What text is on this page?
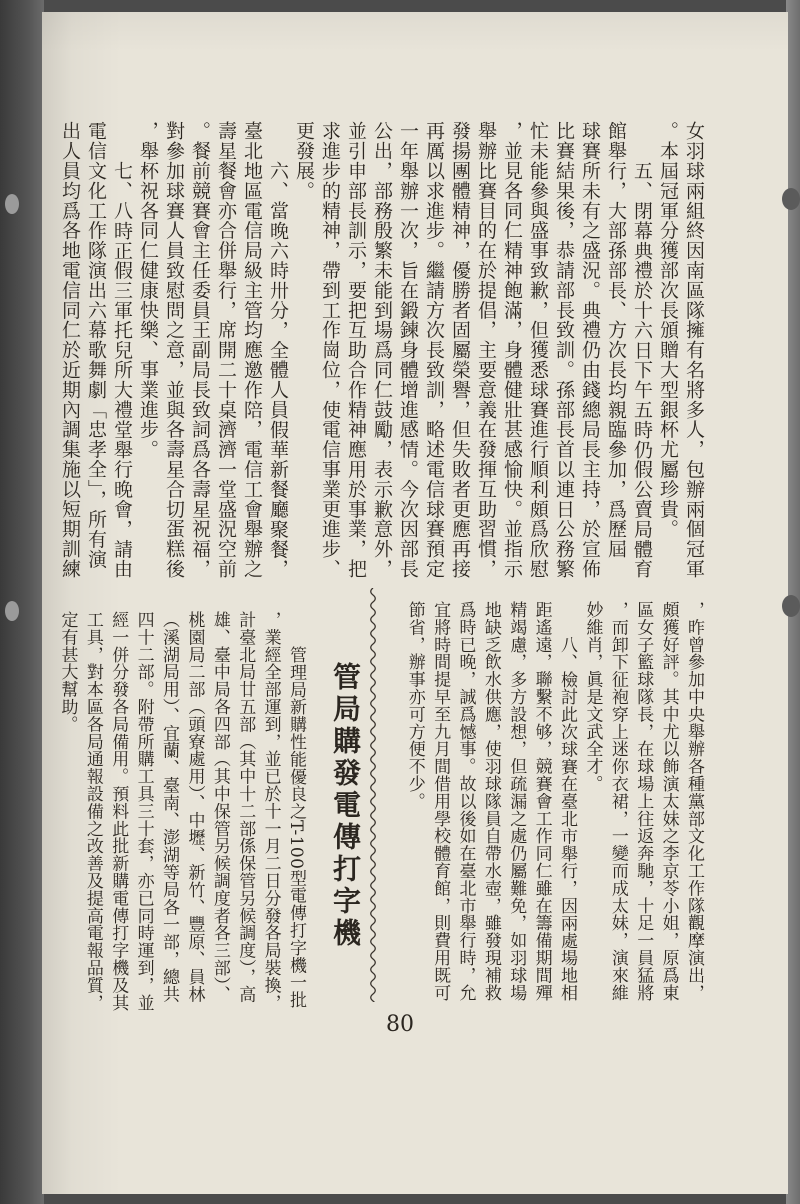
女羽球兩組終因南區隊擁有名將多人，包辦兩個冠軍
。本屆冠軍分獲部次長頒贈大型銀杯尤屬珍貴。
五、閉幕典禮於十六日下午五時仍假公賣局體育
館舉行，大部孫部長、方次長均親臨參加，爲歷屆
球賽所未有之盛況。典禮仍由錢總局長主持，於宣佈
比賽結果後，恭請部長致訓。孫部長首以連日公務繁
忙未能參與盛事致歉，但獲悉球賽進行順利頗爲欣慰
，並見各同仁精神飽滿，身體健壯甚感愉快。並指示
舉辦比賽目的在於提倡，主要意義在發揮互助習慣，
發揚團體精神，優勝者固屬榮譽，但失敗者更應再接
再厲以求進步。繼請方次長致訓，略述電信球賽預定
一年舉辦一次，旨在鍛鍊身體增進感情。今次因部長
公出，部務殷繁未能到場爲同仁鼓勵，表示歉意外，
並引申部長訓示，要把互助合作精神應用於事業，把
求進步的精神，帶到工作崗位，使電信事業更進步、
更發展。
六、當晚六時卅分，全體人員假華新餐廳聚餐，
臺北地區電信局級主管均應邀作陪，電信工會舉辦之
壽星餐會亦合併舉行，席開二十桌濟濟一堂盛況空前
。餐前競賽會主任委員王副局長致詞爲各壽星祝福，
對參加球賽人員致慰問之意，並與各壽星合切蛋糕後
，舉杯祝各同仁健康快樂、事業進步。
七、八時正假三軍托兒所大禮堂舉行晚會，請由
電信文化工作隊演出六幕歌舞劇「忠孝全」，所有演
出人員均爲各地電信同仁於近期內調集施以短期訓練
，昨曾參加中央舉辦各種黨部文化工作隊觀摩演出，
頗獲好評。其中尤以飾演太妹之李京苓小姐，原爲東
區女子籃球隊長，在球場上往返奔馳，十足一員猛將
，而卸下征袍穿上迷你衣裙，一變而成太妹，演來維
妙維肖，眞是文武全才。
八、檢討此次球賽在臺北市舉行，因兩處場地相
距遙遠，聯繫不够，競賽會工作同仁雖在籌備期間殫
精竭慮，多方設想，但疏漏之處仍屬難免，如羽球場
地缺乏飲水供應，使羽球隊員自帶水壺，雖發現補救
爲時已晚，誠爲憾事。故以後如在臺北市舉行時，允
宜將時間提早至九月間借用學校體育館，則費用既可
節省，辦事亦可方便不少。
管局購發電傳打字機
管理局新購性能優良之T-100型電傳打字機一批
，業經全部運到，並已於十一月二日分發各局裝換，
計臺北局廿五部（其中十二部係保管另候調度），高
雄、臺中局各四部（其中保管另候調度者各三部）、
桃園局二部（頭寮處用）、中壢、新竹、豐原、員林
（溪湖局用）、宜蘭、臺南、澎湖等局各一部，總共
四十二部。附帶所購工具三十套，亦已同時運到，並
經一併分發各局備用。預料此批新購電傳打字機及其
工具，對本區各局通報設備之改善及提高電報品質，
定有甚大幫助。
80
